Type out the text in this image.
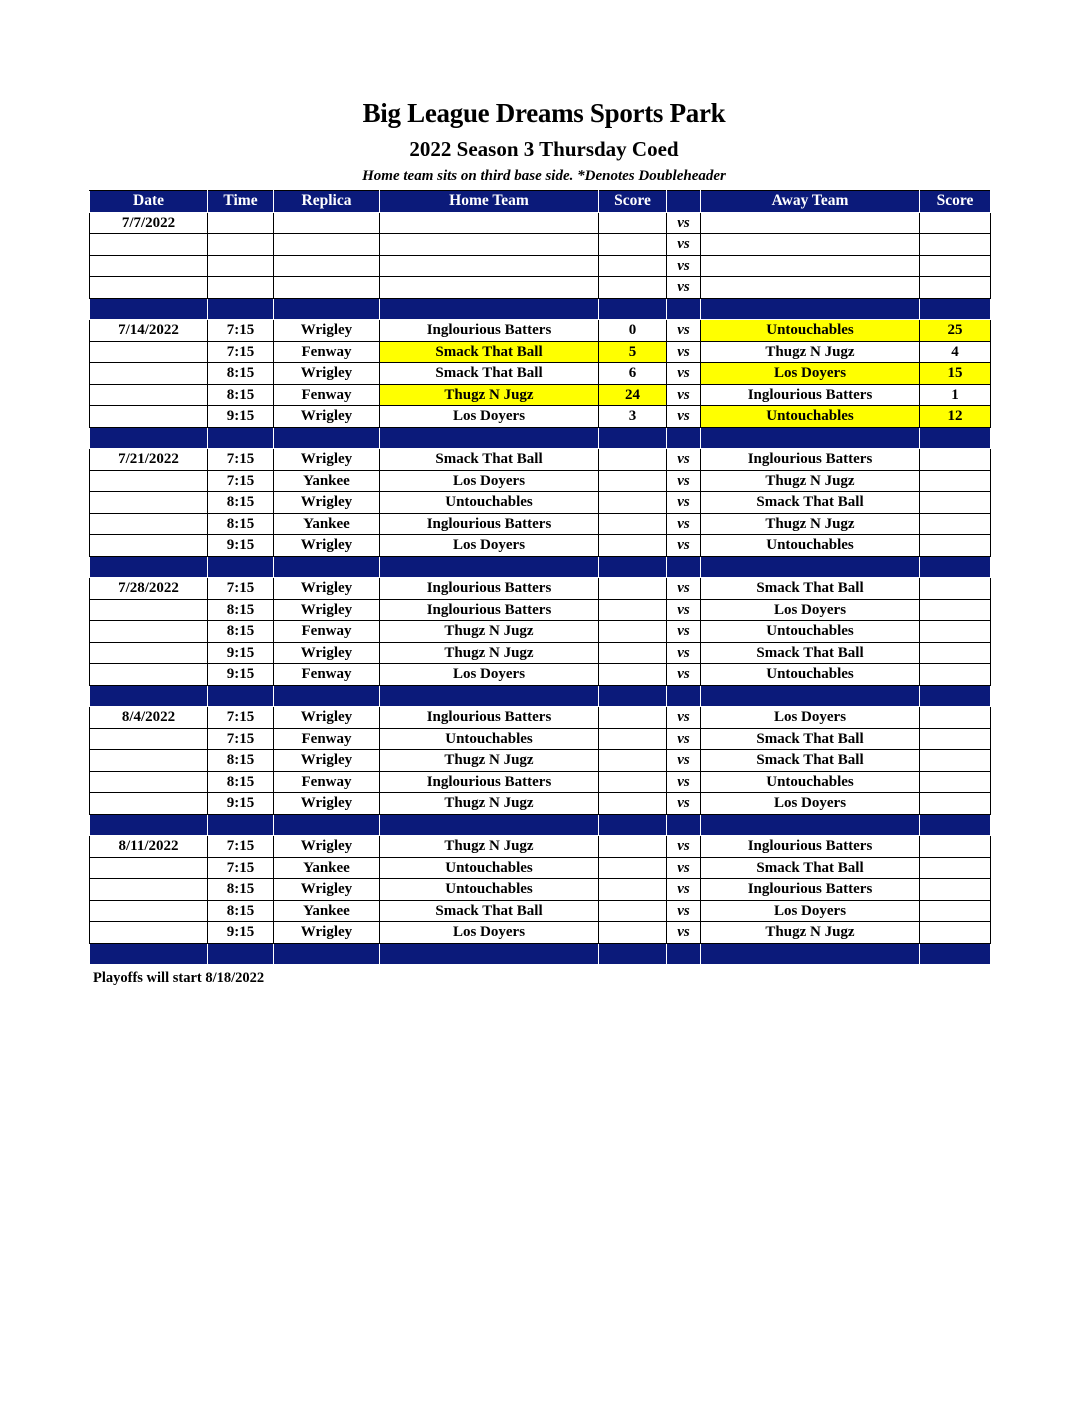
Big League Dreams Sports Park
2022 Season 3 Thursday Coed
Home team sits on third base side. *Denotes Doubleheader
Date	Time	Replica	Home Team	Score		Away Team	Score
7/7/2022					vs		
					vs		
					vs		
					vs		

7/14/2022	7:15	Wrigley	Inglourious Batters	0	vs	Untouchables	25
	7:15	Fenway	Smack That Ball	5	vs	Thugz N Jugz	4
	8:15	Wrigley	Smack That Ball	6	vs	Los Doyers	15
	8:15	Fenway	Thugz N Jugz	24	vs	Inglourious Batters	1
	9:15	Wrigley	Los Doyers	3	vs	Untouchables	12

7/21/2022	7:15	Wrigley	Smack That Ball		vs	Inglourious Batters	
	7:15	Yankee	Los Doyers		vs	Thugz N Jugz	
	8:15	Wrigley	Untouchables		vs	Smack That Ball	
	8:15	Yankee	Inglourious Batters		vs	Thugz N Jugz	
	9:15	Wrigley	Los Doyers		vs	Untouchables	

7/28/2022	7:15	Wrigley	Inglourious Batters		vs	Smack That Ball	
	8:15	Wrigley	Inglourious Batters		vs	Los Doyers	
	8:15	Fenway	Thugz N Jugz		vs	Untouchables	
	9:15	Wrigley	Thugz N Jugz		vs	Smack That Ball	
	9:15	Fenway	Los Doyers		vs	Untouchables	

8/4/2022	7:15	Wrigley	Inglourious Batters		vs	Los Doyers	
	7:15	Fenway	Untouchables		vs	Smack That Ball	
	8:15	Wrigley	Thugz N Jugz		vs	Smack That Ball	
	8:15	Fenway	Inglourious Batters		vs	Untouchables	
	9:15	Wrigley	Thugz N Jugz		vs	Los Doyers	

8/11/2022	7:15	Wrigley	Thugz N Jugz		vs	Inglourious Batters	
	7:15	Yankee	Untouchables		vs	Smack That Ball	
	8:15	Wrigley	Untouchables		vs	Inglourious Batters	
	8:15	Yankee	Smack That Ball		vs	Los Doyers	
	9:15	Wrigley	Los Doyers		vs	Thugz N Jugz	

Playoffs will start 8/18/2022
